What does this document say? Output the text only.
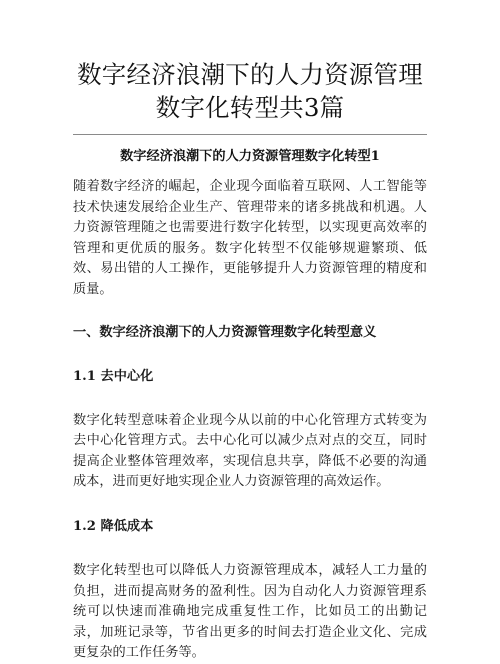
数字经济浪潮下的人力资源管理数字化转型共3篇
数字经济浪潮下的人力资源管理数字化转型1

随着数字经济的崛起，企业现今面临着互联网、人工智能等技术快速发展给企业生产、管理带来的诸多挑战和机遇。人力资源管理随之也需要进行数字化转型，以实现更高效率的管理和更优质的服务。数字化转型不仅能够规避繁琐、低效、易出错的人工操作，更能够提升人力资源管理的精度和质量。

一、数字经济浪潮下的人力资源管理数字化转型意义
1.1 去中心化

数字化转型意味着企业现今从以前的中心化管理方式转变为去中心化管理方式。去中心化可以减少点对点的交互，同时提高企业整体管理效率，实现信息共享，降低不必要的沟通成本，进而更好地实现企业人力资源管理的高效运作。

1.2 降低成本

数字化转型也可以降低人力资源管理成本，减轻人工力量的负担，进而提高财务的盈利性。因为自动化人力资源管理系统可以快速而准确地完成重复性工作，比如员工的出勤记录，加班记录等，节省出更多的时间去打造企业文化、完成更复杂的工作任务等。
